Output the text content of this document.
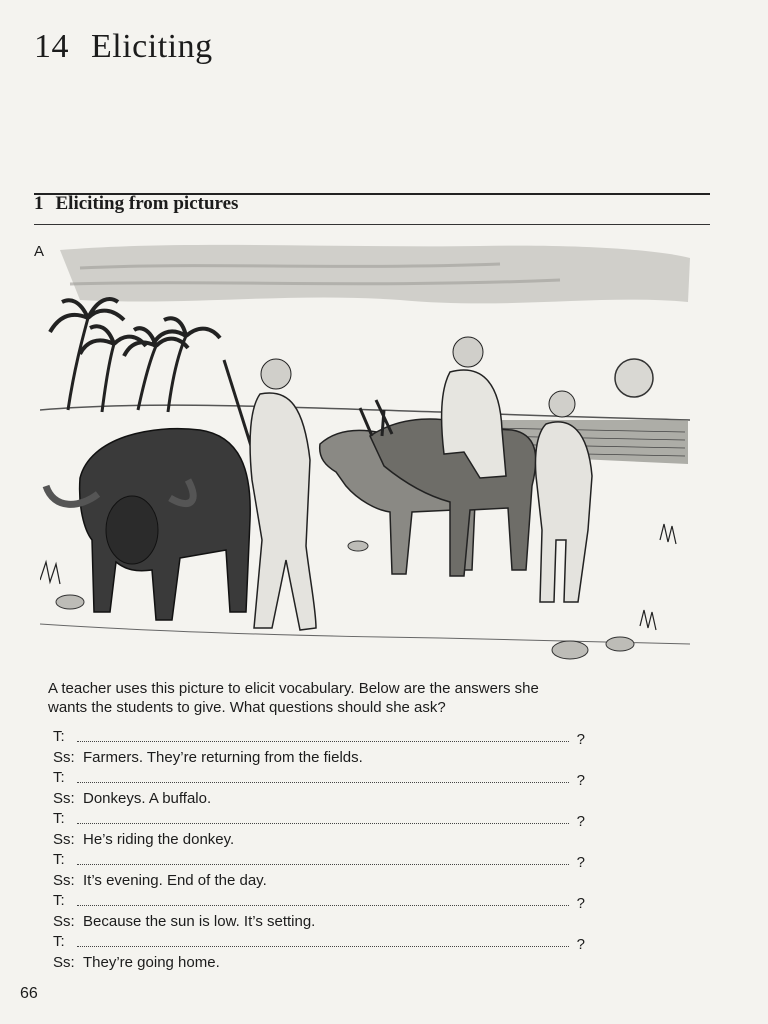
14 Eliciting
1 Eliciting from pictures
A
A teacher uses this picture to elicit vocabulary. Below are the answers she wants the students to give. What questions should she ask?
T:	?
Ss: Farmers. They’re returning from the fields.
T:	?
Ss: Donkeys. A buffalo.
T:	?
Ss: He’s riding the donkey.
T:	?
Ss: It’s evening. End of the day.
T:	?
Ss: Because the sun is low. It’s setting.
T:	?
Ss: They’re going home.
66
